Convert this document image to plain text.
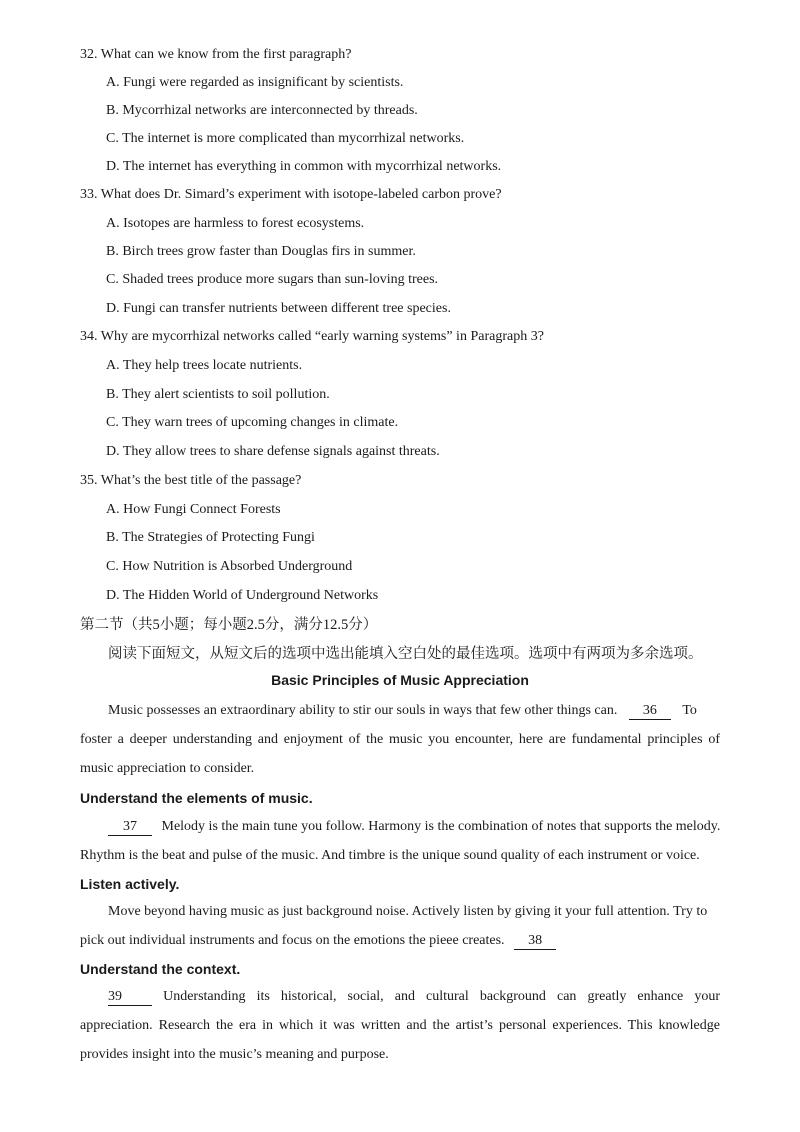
32. What can we know from the first paragraph?
A. Fungi were regarded as insignificant by scientists.
B. Mycorrhizal networks are interconnected by threads.
C. The internet is more complicated than mycorrhizal networks.
D. The internet has everything in common with mycorrhizal networks.
33. What does Dr. Simard’s experiment with isotope-labeled carbon prove?
A. Isotopes are harmless to forest ecosystems.
B. Birch trees grow faster than Douglas firs in summer.
C. Shaded trees produce more sugars than sun-loving trees.
D. Fungi can transfer nutrients between different tree species.
34. Why are mycorrhizal networks called “early warning systems” in Paragraph 3?
A. They help trees locate nutrients.
B. They alert scientists to soil pollution.
C. They warn trees of upcoming changes in climate.
D. They allow trees to share defense signals against threats.
35. What’s the best title of the passage?
A. How Fungi Connect Forests
B. The Strategies of Protecting Fungi
C. How Nutrition is Absorbed Underground
D. The Hidden World of Underground Networks
第二节（共5小题；每小题2.5分，满分12.5分）
阅读下面短文，从短文后的选项中选出能填入空白处的最佳选项。选项中有两项为多余选项。
Basic Principles of Music Appreciation
Music possesses an extraordinary ability to stir our souls in ways that few other things can. 36 To
foster a deeper understanding and enjoyment of the music you encounter, here are fundamental principles of
music appreciation to consider.
Understand the elements of music.
37 Melody is the main tune you follow. Harmony is the combination of notes that supports the melody.
Rhythm is the beat and pulse of the music. And timbre is the unique sound quality of each instrument or voice.
Listen actively.
Move beyond having music as just background noise. Actively listen by giving it your full attention. Try to
pick out individual instruments and focus on the emotions the pieee creates. 38
Understand the context.
39	Understanding its historical, social, and cultural background can greatly enhance your
appreciation. Research the era in which it was written and the artist’s personal experiences. This knowledge
provides insight into the music’s meaning and purpose.
